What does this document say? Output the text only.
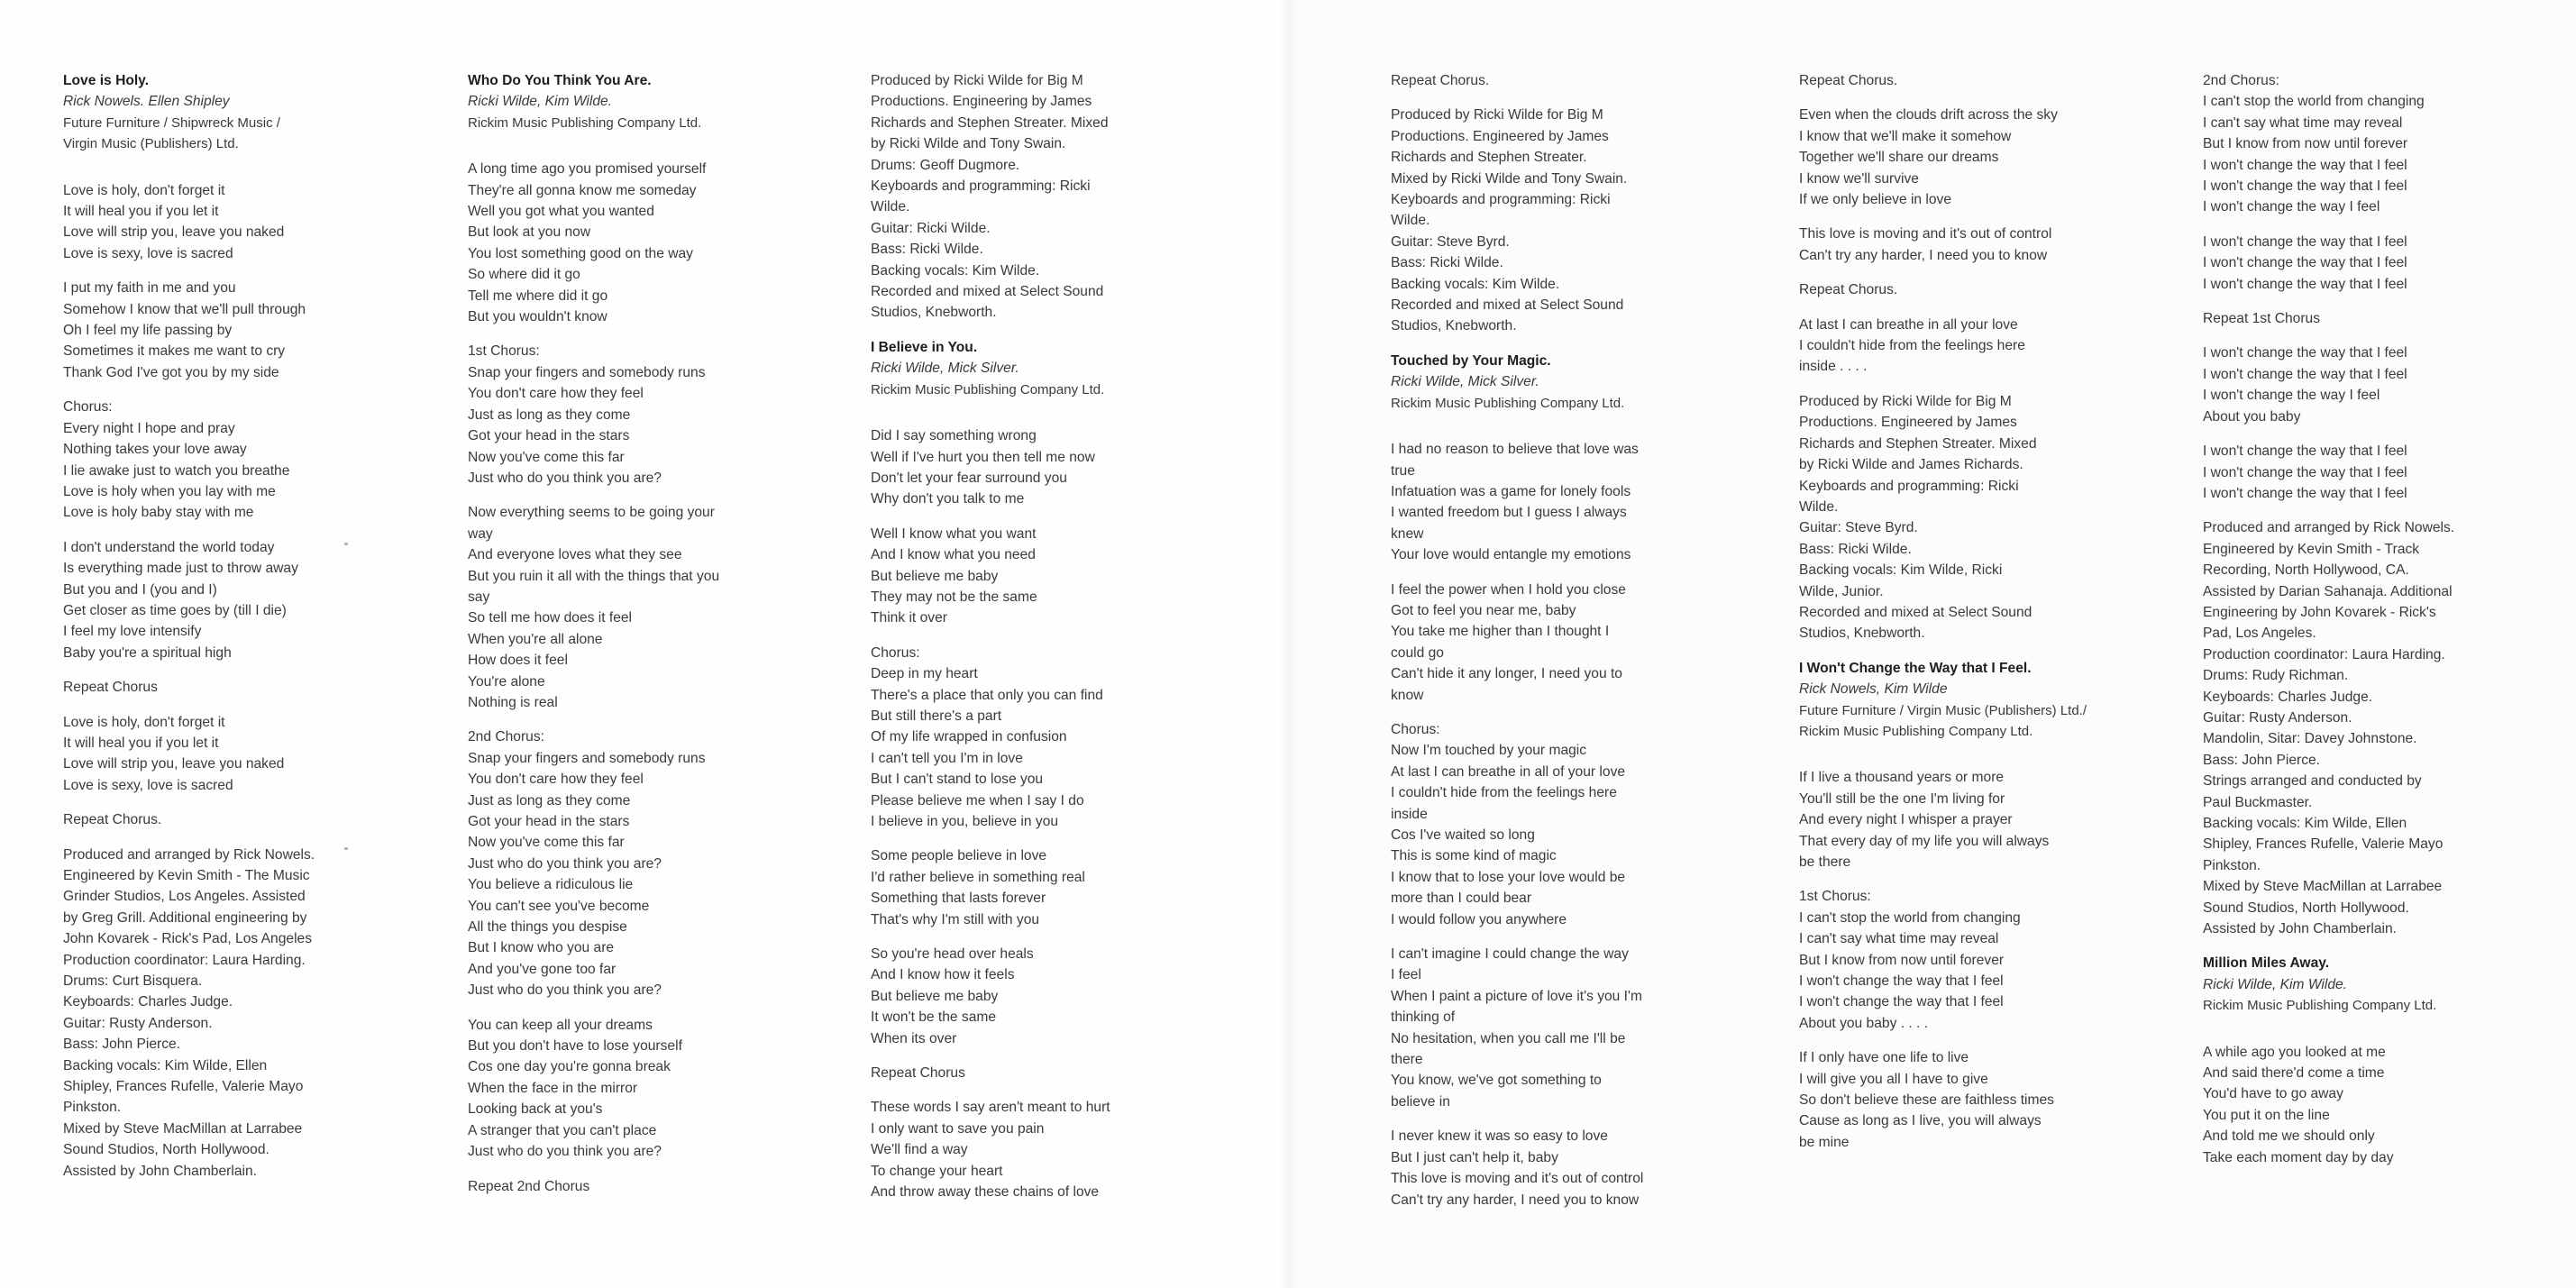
Love is Holy.

Rick Nowels. Ellen Shipley

Future Furniture / Shipwreck Music /

Virgin Music (Publishers) Ltd.

Love is holy, don't forget it

It will heal you if you let it

Love will strip you, leave you naked

Love is sexy, love is sacred

I put my faith in me and you

Somehow I know that we'll pull through

Oh I feel my life passing by

Sometimes it makes me want to cry

Thank God I've got you by my side

Chorus:

Every night I hope and pray

Nothing takes your love away

I lie awake just to watch you breathe

Love is holy when you lay with me

Love is holy baby stay with me

I don't understand the world today

Is everything made just to throw away

But you and I (you and I)

Get closer as time goes by (till I die)

I feel my love intensify

Baby you're a spiritual high

Repeat Chorus

Love is holy, don't forget it

It will heal you if you let it

Love will strip you, leave you naked

Love is sexy, love is sacred

Repeat Chorus.

Produced and arranged by Rick Nowels.

Engineered by Kevin Smith - The Music

Grinder Studios, Los Angeles. Assisted

by Greg Grill. Additional engineering by

John Kovarek - Rick's Pad, Los Angeles

Production coordinator: Laura Harding.

Drums: Curt Bisquera.

Keyboards: Charles Judge.

Guitar: Rusty Anderson.

Bass: John Pierce.

Backing vocals: Kim Wilde, Ellen

Shipley, Frances Rufelle, Valerie Mayo

Pinkston.

Mixed by Steve MacMillan at Larrabee

Sound Studios, North Hollywood.

Assisted by John Chamberlain.

Who Do You Think You Are.

Ricki Wilde, Kim Wilde.

Rickim Music Publishing Company Ltd.

A long time ago you promised yourself

They're all gonna know me someday

Well you got what you wanted

But look at you now

You lost something good on the way

So where did it go

Tell me where did it go

But you wouldn't know

1st Chorus:

Snap your fingers and somebody runs

You don't care how they feel

Just as long as they come

Got your head in the stars

Now you've come this far

Just who do you think you are?

Now everything seems to be going your

way

And everyone loves what they see

But you ruin it all with the things that you

say

So tell me how does it feel

When you're all alone

How does it feel

You're alone

Nothing is real

2nd Chorus:

Snap your fingers and somebody runs

You don't care how they feel

Just as long as they come

Got your head in the stars

Now you've come this far

Just who do you think you are?

You believe a ridiculous lie

You can't see you've become

All the things you despise

But I know who you are

And you've gone too far

Just who do you think you are?

You can keep all your dreams

But you don't have to lose yourself

Cos one day you're gonna break

When the face in the mirror

Looking back at you's

A stranger that you can't place

Just who do you think you are?

Repeat 2nd Chorus

Produced by Ricki Wilde for Big M

Productions. Engineering by James

Richards and Stephen Streater. Mixed

by Ricki Wilde and Tony Swain.

Drums: Geoff Dugmore.

Keyboards and programming: Ricki

Wilde.

Guitar: Ricki Wilde.

Bass: Ricki Wilde.

Backing vocals: Kim Wilde.

Recorded and mixed at Select Sound

Studios, Knebworth.

I Believe in You.

Ricki Wilde, Mick Silver.

Rickim Music Publishing Company Ltd.

Did I say something wrong

Well if I've hurt you then tell me now

Don't let your fear surround you

Why don't you talk to me

Well I know what you want

And I know what you need

But believe me baby

They may not be the same

Think it over

Chorus:

Deep in my heart

There's a place that only you can find

But still there's a part

Of my life wrapped in confusion

I can't tell you I'm in love

But I can't stand to lose you

Please believe me when I say I do

I believe in you, believe in you

Some people believe in love

I'd rather believe in something real

Something that lasts forever

That's why I'm still with you

So you're head over heals

And I know how it feels

But believe me baby

It won't be the same

When its over

Repeat Chorus

These words I say aren't meant to hurt

I only want to save you pain

We'll find a way

To change your heart

And throw away these chains of love

Repeat Chorus.

Produced by Ricki Wilde for Big M

Productions. Engineered by James

Richards and Stephen Streater.

Mixed by Ricki Wilde and Tony Swain.

Keyboards and programming: Ricki

Wilde.

Guitar: Steve Byrd.

Bass: Ricki Wilde.

Backing vocals: Kim Wilde.

Recorded and mixed at Select Sound

Studios, Knebworth.

Touched by Your Magic.

Ricki Wilde, Mick Silver.

Rickim Music Publishing Company Ltd.

I had no reason to believe that love was

true

Infatuation was a game for lonely fools

I wanted freedom but I guess I always

knew

Your love would entangle my emotions

I feel the power when I hold you close

Got to feel you near me, baby

You take me higher than I thought I

could go

Can't hide it any longer, I need you to

know

Chorus:

Now I'm touched by your magic

At last I can breathe in all of your love

I couldn't hide from the feelings here

inside

Cos I've waited so long

This is some kind of magic

I know that to lose your love would be

more than I could bear

I would follow you anywhere

I can't imagine I could change the way

I feel

When I paint a picture of love it's you I'm

thinking of

No hesitation, when you call me I'll be

there

You know, we've got something to

believe in

I never knew it was so easy to love

But I just can't help it, baby

This love is moving and it's out of control

Can't try any harder, I need you to know

Repeat Chorus.

Even when the clouds drift across the sky

I know that we'll make it somehow

Together we'll share our dreams

I know we'll survive

If we only believe in love

This love is moving and it's out of control

Can't try any harder, I need you to know

Repeat Chorus.

At last I can breathe in all your love

I couldn't hide from the feelings here

inside . . . .

Produced by Ricki Wilde for Big M

Productions. Engineered by James

Richards and Stephen Streater. Mixed

by Ricki Wilde and James Richards.

Keyboards and programming: Ricki

Wilde.

Guitar: Steve Byrd.

Bass: Ricki Wilde.

Backing vocals: Kim Wilde, Ricki

Wilde, Junior.

Recorded and mixed at Select Sound

Studios, Knebworth.

I Won't Change the Way that I Feel.

Rick Nowels, Kim Wilde

Future Furniture / Virgin Music (Publishers) Ltd./

Rickim Music Publishing Company Ltd.

If I live a thousand years or more

You'll still be the one I'm living for

And every night I whisper a prayer

That every day of my life you will always

be there

1st Chorus:

I can't stop the world from changing

I can't say what time may reveal

But I know from now until forever

I won't change the way that I feel

I won't change the way that I feel

About you baby . . . .

If I only have one life to live

I will give you all I have to give

So don't believe these are faithless times

Cause as long as I live, you will always

be mine

2nd Chorus:

I can't stop the world from changing

I can't say what time may reveal

But I know from now until forever

I won't change the way that I feel

I won't change the way that I feel

I won't change the way I feel

I won't change the way that I feel

I won't change the way that I feel

I won't change the way that I feel

Repeat 1st Chorus

I won't change the way that I feel

I won't change the way that I feel

I won't change the way I feel

About you baby

I won't change the way that I feel

I won't change the way that I feel

I won't change the way that I feel

Produced and arranged by Rick Nowels.

Engineered by Kevin Smith - Track

Recording, North Hollywood, CA.

Assisted by Darian Sahanaja. Additional

Engineering by John Kovarek - Rick's

Pad, Los Angeles.

Production coordinator: Laura Harding.

Drums: Rudy Richman.

Keyboards: Charles Judge.

Guitar: Rusty Anderson.

Mandolin, Sitar: Davey Johnstone.

Bass: John Pierce.

Strings arranged and conducted by

Paul Buckmaster.

Backing vocals: Kim Wilde, Ellen

Shipley, Frances Rufelle, Valerie Mayo

Pinkston.

Mixed by Steve MacMillan at Larrabee

Sound Studios, North Hollywood.

Assisted by John Chamberlain.

Million Miles Away.

Ricki Wilde, Kim Wilde.

Rickim Music Publishing Company Ltd.

A while ago you looked at me

And said there'd come a time

You'd have to go away

You put it on the line

And told me we should only

Take each moment day by day
